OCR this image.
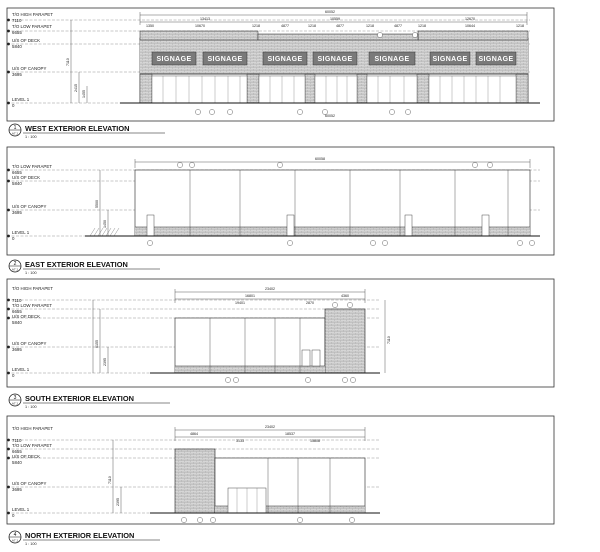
T/O HIGH PARAPET
7110
T/O LOW PARAPET
6655
U/S OF DECK
5840
U/S OF CANOPY
3695
LEVEL 1
0
7110
2415
1455
60052
13413	10559	12670
1350	10670	1218	4877	1218	4877	1218	4877	1218	10644	1218
SIGNAGE SIGNAGE	SIGNAGE SIGNAGE	SIGNAGE	SIGNAGE SIGNAGE
60052
1
A7.1
WEST EXTERIOR ELEVATION
1 : 100
T/O LOW PARAPET
6655
U/S OF DECK
5840
U/S OF CANOPY
3695
LEVEL 1
0
5500
1450
60058
2
A7.1
EAST EXTERIOR ELEVATION
1 : 100
T/O HIGH PARAPET
7110
T/O LOW PARAPET
6655
U/S OF DECK
5840
U/S OF CANOPY
3695
LEVEL 1
0
7110
6155
2395
23402
16801
19401	2870
4360
3
A7.1
SOUTH EXTERIOR ELEVATION
1 : 100
T/O HIGH PARAPET
7110
T/O LOW PARAPET
6655
U/S OF DECK
5840
U/S OF CANOPY
3695
LEVEL 1
0
7110
2395
23402
4864	18537
3133	15808
4
A7.1
NORTH EXTERIOR ELEVATION
1 : 100
